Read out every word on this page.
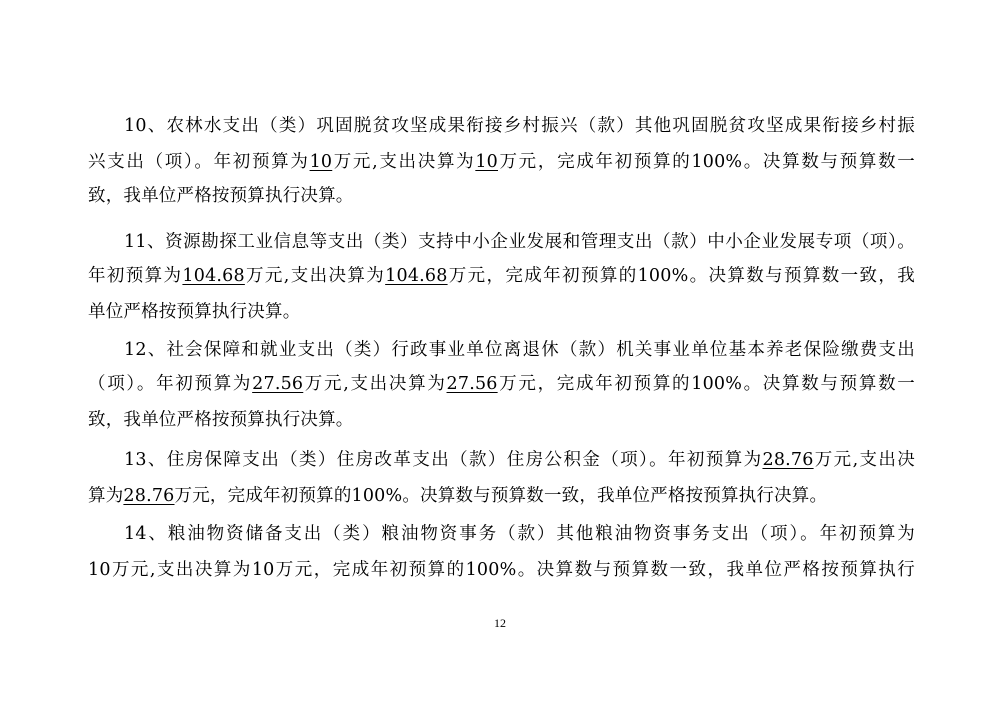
10、农林水支出（类）巩固脱贫攻坚成果衔接乡村振兴（款）其他巩固脱贫攻坚成果衔接乡村振
兴支出（项）。年初预算为10万元,支出决算为10万元，完成年初预算的100%。决算数与预算数一
致，我单位严格按预算执行决算。
11、资源勘探工业信息等支出（类）支持中小企业发展和管理支出（款）中小企业发展专项（项）。
年初预算为104.68万元,支出决算为104.68万元，完成年初预算的100%。决算数与预算数一致，我
单位严格按预算执行决算。
12、社会保障和就业支出（类）行政事业单位离退休（款）机关事业单位基本养老保险缴费支出
（项）。年初预算为27.56万元,支出决算为27.56万元，完成年初预算的100%。决算数与预算数一
致，我单位严格按预算执行决算。
13、住房保障支出（类）住房改革支出（款）住房公积金（项）。年初预算为28.76万元,支出决
算为28.76万元，完成年初预算的100%。决算数与预算数一致，我单位严格按预算执行决算。
14、粮油物资储备支出（类）粮油物资事务（款）其他粮油物资事务支出（项）。年初预算为
10万元,支出决算为10万元，完成年初预算的100%。决算数与预算数一致，我单位严格按预算执行
12
